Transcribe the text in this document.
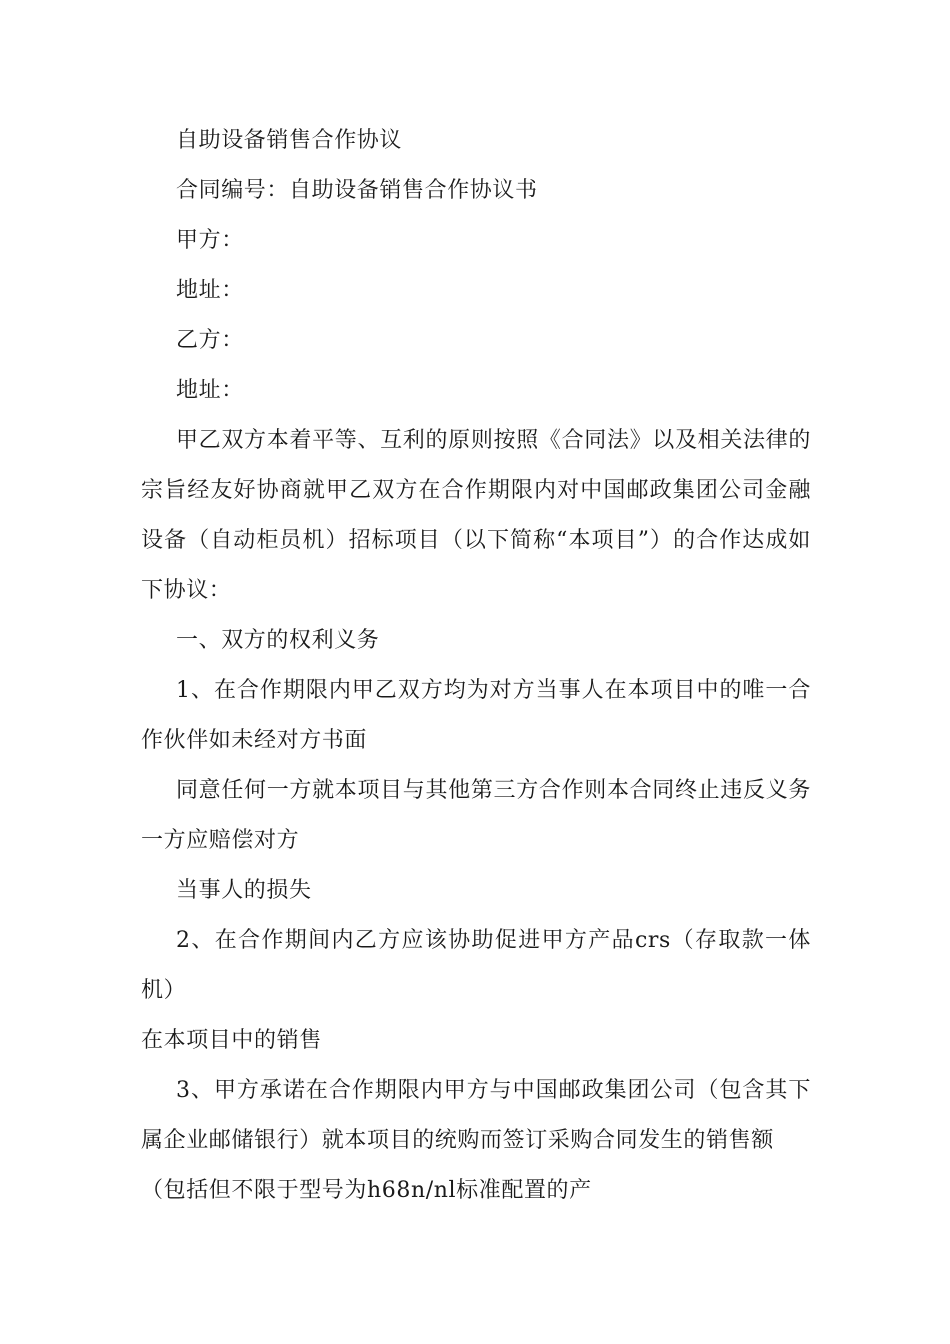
自助设备销售合作协议

合同编号：自助设备销售合作协议书

甲方：

地址：

乙方：

地址：

甲乙双方本着平等、互利的原则按照《合同法》以及相关法律的宗旨经友好协商就甲乙双方在合作期限内对中国邮政集团公司金融设备（自动柜员机）招标项目（以下简称“本项目”）的合作达成如下协议：

一、双方的权利义务

1、在合作期限内甲乙双方均为对方当事人在本项目中的唯一合作伙伴如未经对方书面

同意任何一方就本项目与其他第三方合作则本合同终止违反义务一方应赔偿对方

当事人的损失

2、在合作期间内乙方应该协助促进甲方产品crs（存取款一体机）

在本项目中的销售

3、甲方承诺在合作期限内甲方与中国邮政集团公司（包含其下属企业邮储银行）就本项目的统购而签订采购合同发生的销售额

（包括但不限于型号为h68n/nl标准配置的产
